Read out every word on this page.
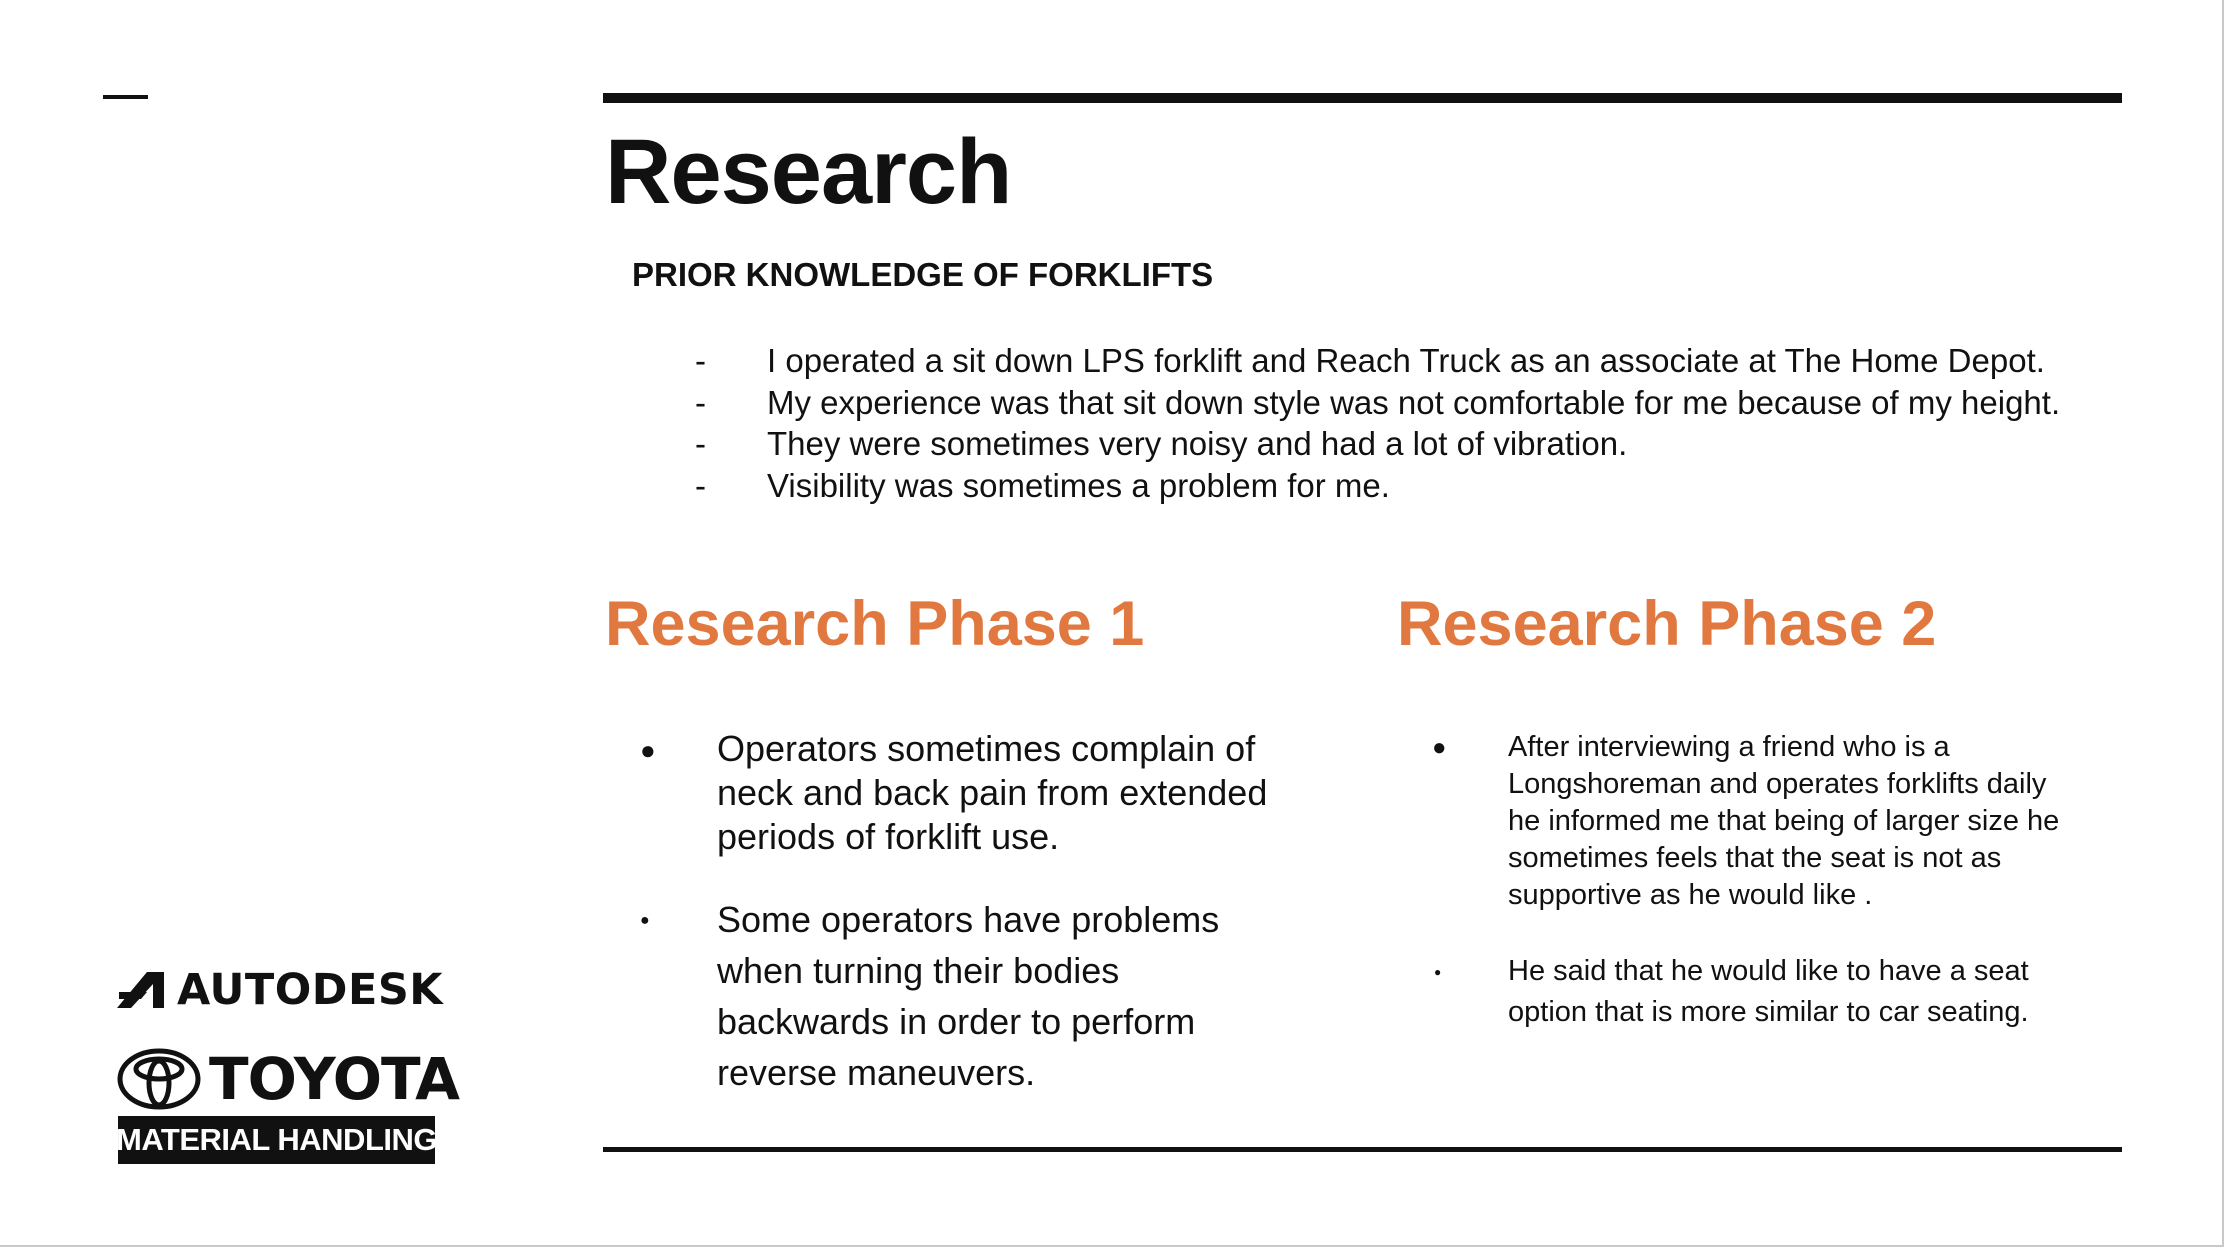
Research
PRIOR KNOWLEDGE OF FORKLIFTS
-	I operated a sit down LPS forklift and Reach Truck as an associate at The Home Depot.
-	My experience was that sit down style was not comfortable for me because of my height.
-	They were sometimes very noisy and had a lot of vibration.
-	Visibility was sometimes a problem for me.
Research Phase 1
● Operators sometimes complain of
neck and back pain from extended
periods of forklift use.
● Some operators have problems
when turning their bodies
backwards in order to perform
reverse maneuvers.
Research Phase 2
● After interviewing a friend who is a
Longshoreman and operates forklifts daily
he informed me that being of larger size he
sometimes feels that the seat is not as
supportive as he would like .
● He said that he would like to have a seat
option that is more similar to car seating.
AUTODESK
TOYOTA
MATERIAL HANDLING
